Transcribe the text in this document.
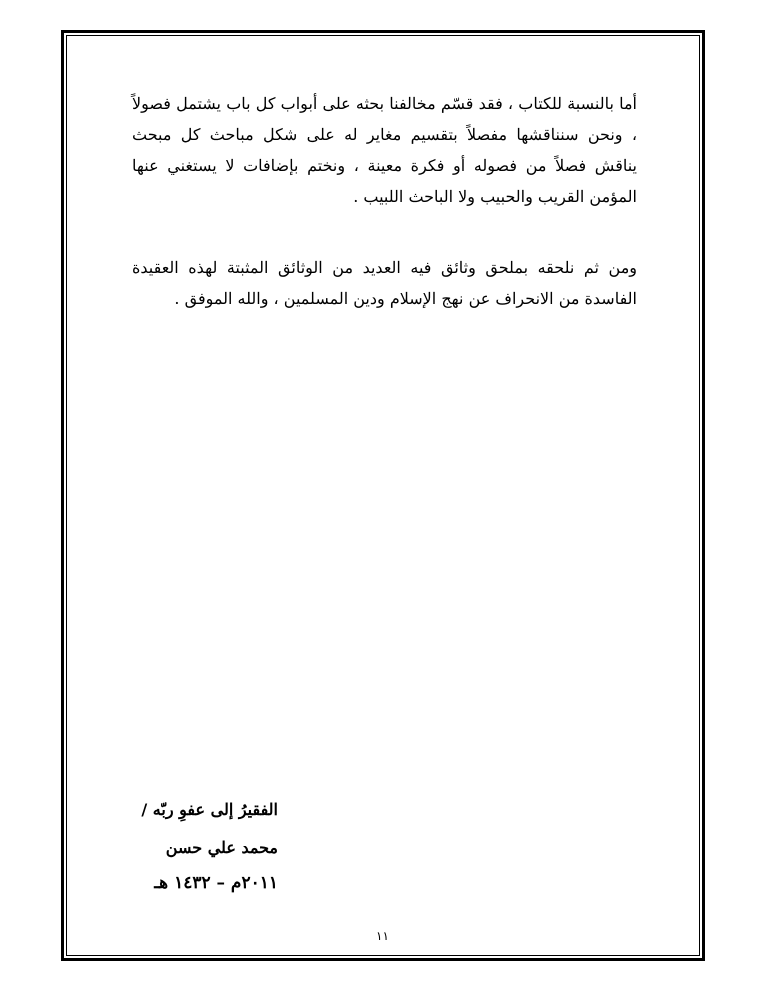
أما بالنسبة للكتاب ، فقد قسّم مخالفنا بحثه على أبواب كل باب يشتمل فصولاً ، ونحن سنناقشها مفصلاً بتقسيم مغاير له على شكل مباحث كل مبحث يناقش فصلاً من فصوله أو فكرة معينة ، ونختم بإضافات لا يستغني عنها المؤمن القريب والحبيب ولا الباحث اللبيب .

ومن ثم نلحقه بملحق وثائق فيه العديد من الوثائق المثبتة لهذه العقيدة الفاسدة من الانحراف عن نهج الإسلام ودين المسلمين ، والله الموفق .

الفقيرُ إلى عفوِ ربّه /
محمد علي حسن
٢٠١١م – ١٤٣٢ هـ
١١
